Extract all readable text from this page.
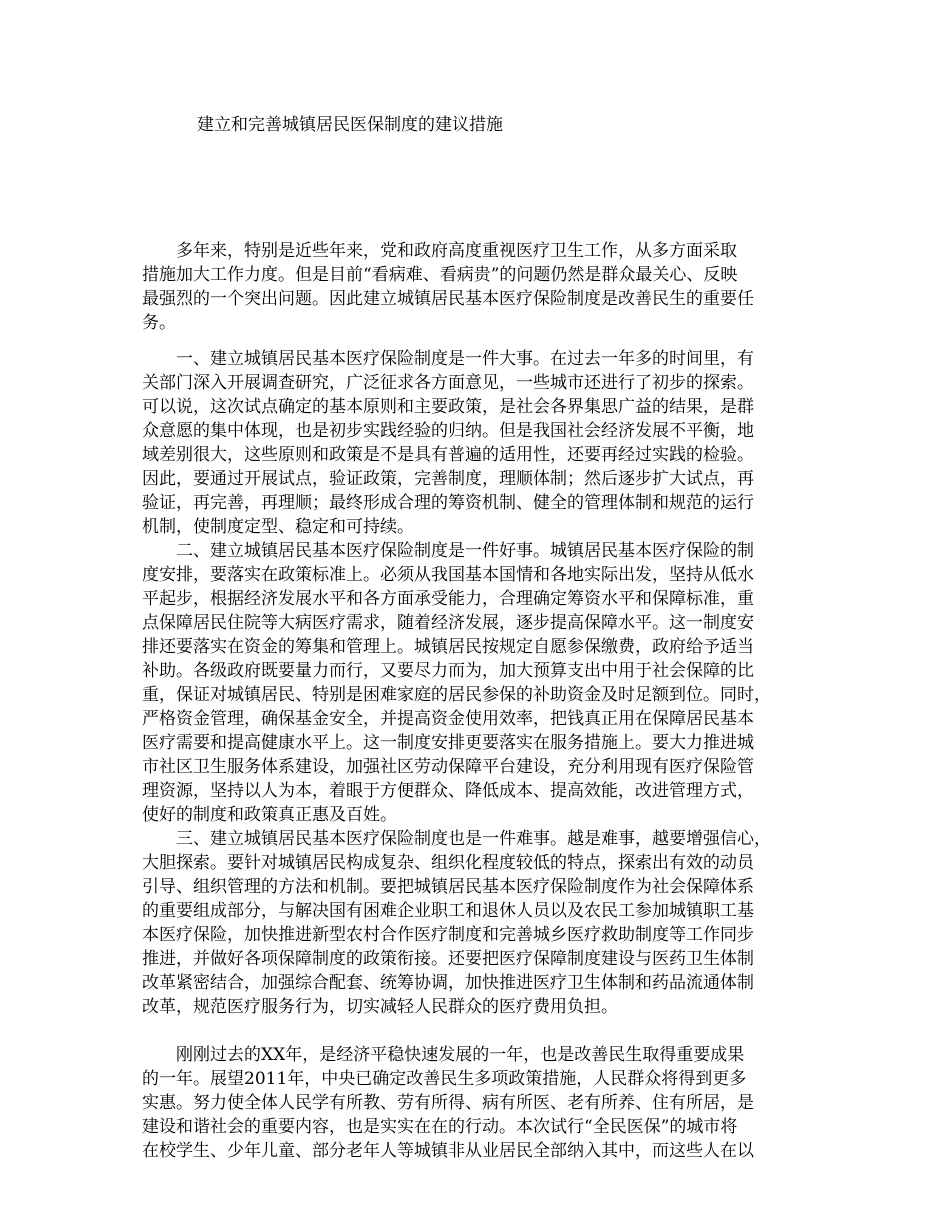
建立和完善城镇居民医保制度的建议措施
　　多年来，特别是近些年来，党和政府高度重视医疗卫生工作，从多方面采取
措施加大工作力度。但是目前“看病难、看病贵”的问题仍然是群众最关心、反映
最强烈的一个突出问题。因此建立城镇居民基本医疗保险制度是改善民生的重要任
务。
　　一、建立城镇居民基本医疗保险制度是一件大事。在过去一年多的时间里，有
关部门深入开展调查研究，广泛征求各方面意见，一些城市还进行了初步的探索。
可以说，这次试点确定的基本原则和主要政策，是社会各界集思广益的结果，是群
众意愿的集中体现，也是初步实践经验的归纳。但是我国社会经济发展不平衡，地
域差别很大，这些原则和政策是不是具有普遍的适用性，还要再经过实践的检验。
因此，要通过开展试点，验证政策，完善制度，理顺体制；然后逐步扩大试点，再
验证，再完善，再理顺；最终形成合理的筹资机制、健全的管理体制和规范的运行
机制，使制度定型、稳定和可持续。
　　二、建立城镇居民基本医疗保险制度是一件好事。城镇居民基本医疗保险的制
度安排，要落实在政策标准上。必须从我国基本国情和各地实际出发，坚持从低水
平起步，根据经济发展水平和各方面承受能力，合理确定筹资水平和保障标准，重
点保障居民住院等大病医疗需求，随着经济发展，逐步提高保障水平。这一制度安
排还要落实在资金的筹集和管理上。城镇居民按规定自愿参保缴费，政府给予适当
补助。各级政府既要量力而行，又要尽力而为，加大预算支出中用于社会保障的比
重，保证对城镇居民、特别是困难家庭的居民参保的补助资金及时足额到位。同时，
严格资金管理，确保基金安全，并提高资金使用效率，把钱真正用在保障居民基本
医疗需要和提高健康水平上。这一制度安排更要落实在服务措施上。要大力推进城
市社区卫生服务体系建设，加强社区劳动保障平台建设，充分利用现有医疗保险管
理资源，坚持以人为本，着眼于方便群众、降低成本、提高效能，改进管理方式，
使好的制度和政策真正惠及百姓。
　　三、建立城镇居民基本医疗保险制度也是一件难事。越是难事，越要增强信心，
大胆探索。要针对城镇居民构成复杂、组织化程度较低的特点，探索出有效的动员
引导、组织管理的方法和机制。要把城镇居民基本医疗保险制度作为社会保障体系
的重要组成部分，与解决国有困难企业职工和退休人员以及农民工参加城镇职工基
本医疗保险，加快推进新型农村合作医疗制度和完善城乡医疗救助制度等工作同步
推进，并做好各项保障制度的政策衔接。还要把医疗保障制度建设与医药卫生体制
改革紧密结合，加强综合配套、统筹协调，加快推进医疗卫生体制和药品流通体制
改革，规范医疗服务行为，切实减轻人民群众的医疗费用负担。
　　刚刚过去的XX年，是经济平稳快速发展的一年，也是改善民生取得重要成果
的一年。展望2011年，中央已确定改善民生多项政策措施，人民群众将得到更多
实惠。努力使全体人民学有所教、劳有所得、病有所医、老有所养、住有所居，是
建设和谐社会的重要内容，也是实实在在的行动。本次试行“全民医保”的城市将
在校学生、少年儿童、部分老年人等城镇非从业居民全部纳入其中，而这些人在以
